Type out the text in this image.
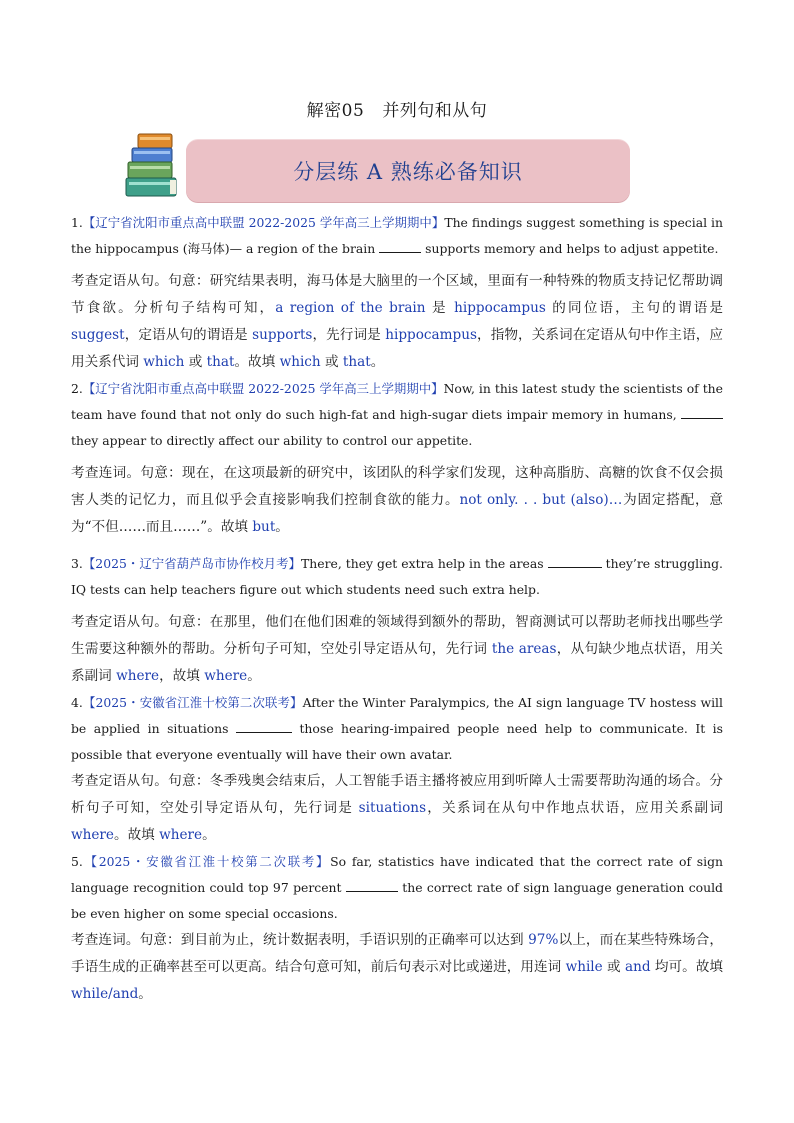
解密05 并列句和从句
分层练 A 熟练必备知识

1.【辽宁省沈阳市重点高中联盟 2022-2025 学年高三上学期期中】The findings suggest something is special in the hippocampus (海马体)— a region of the brain	supports memory and helps to adjust appetite.

考查定语从句。句意：研究结果表明，海马体是大脑里的一个区域，里面有一种特殊的物质支持记忆帮助调节食欲。分析句子结构可知，a region of the brain 是 hippocampus 的同位语，主句的谓语是 suggest，定语从句的谓语是 supports，先行词是 hippocampus，指物，关系词在定语从句中作主语，应用关系代词 which 或 that。故填 which 或 that。

2.【辽宁省沈阳市重点高中联盟 2022-2025 学年高三上学期期中】Now, in this latest study the scientists of the team have found that not only do such high-fat and high-sugar diets impair memory in humans,  they appear to directly affect our ability to control our appetite.

考查连词。句意：现在，在这项最新的研究中，该团队的科学家们发现，这种高脂肪、高糖的饮食不仅会损害人类的记忆力，而且似乎会直接影响我们控制食欲的能力。not only. . . but (also)…为固定搭配，意为“不但……而且……”。故填 but。

3.【2025・辽宁省葫芦岛市协作校月考】There, they get extra help in the areas	they’re struggling. IQ tests can help teachers figure out which students need such extra help.

考查定语从句。句意：在那里，他们在他们困难的领域得到额外的帮助，智商测试可以帮助老师找出哪些学生需要这种额外的帮助。分析句子可知，空处引导定语从句，先行词 the areas，从句缺少地点状语，用关系副词 where，故填 where。

4.【2025・安徽省江淮十校第二次联考】After the Winter Paralympics, the AI sign language TV hostess will be applied in situations	those hearing-impaired people need help to communicate. It is possible that everyone eventually will have their own avatar.

考查定语从句。句意：冬季残奥会结束后，人工智能手语主播将被应用到听障人士需要帮助沟通的场合。分析句子可知，空处引导定语从句，先行词是 situations，关系词在从句中作地点状语，应用关系副词 where。故填 where。

5.【2025・安徽省江淮十校第二次联考】So far, statistics have indicated that the correct rate of sign language recognition could top 97 percent	the correct rate of sign language generation could be even higher on some special occasions.

考查连词。句意：到目前为止，统计数据表明，手语识别的正确率可以达到 97%以上，而在某些特殊场合，手语生成的正确率甚至可以更高。结合句意可知，前后句表示对比或递进，用连词 while 或 and 均可。故填 while/and。
